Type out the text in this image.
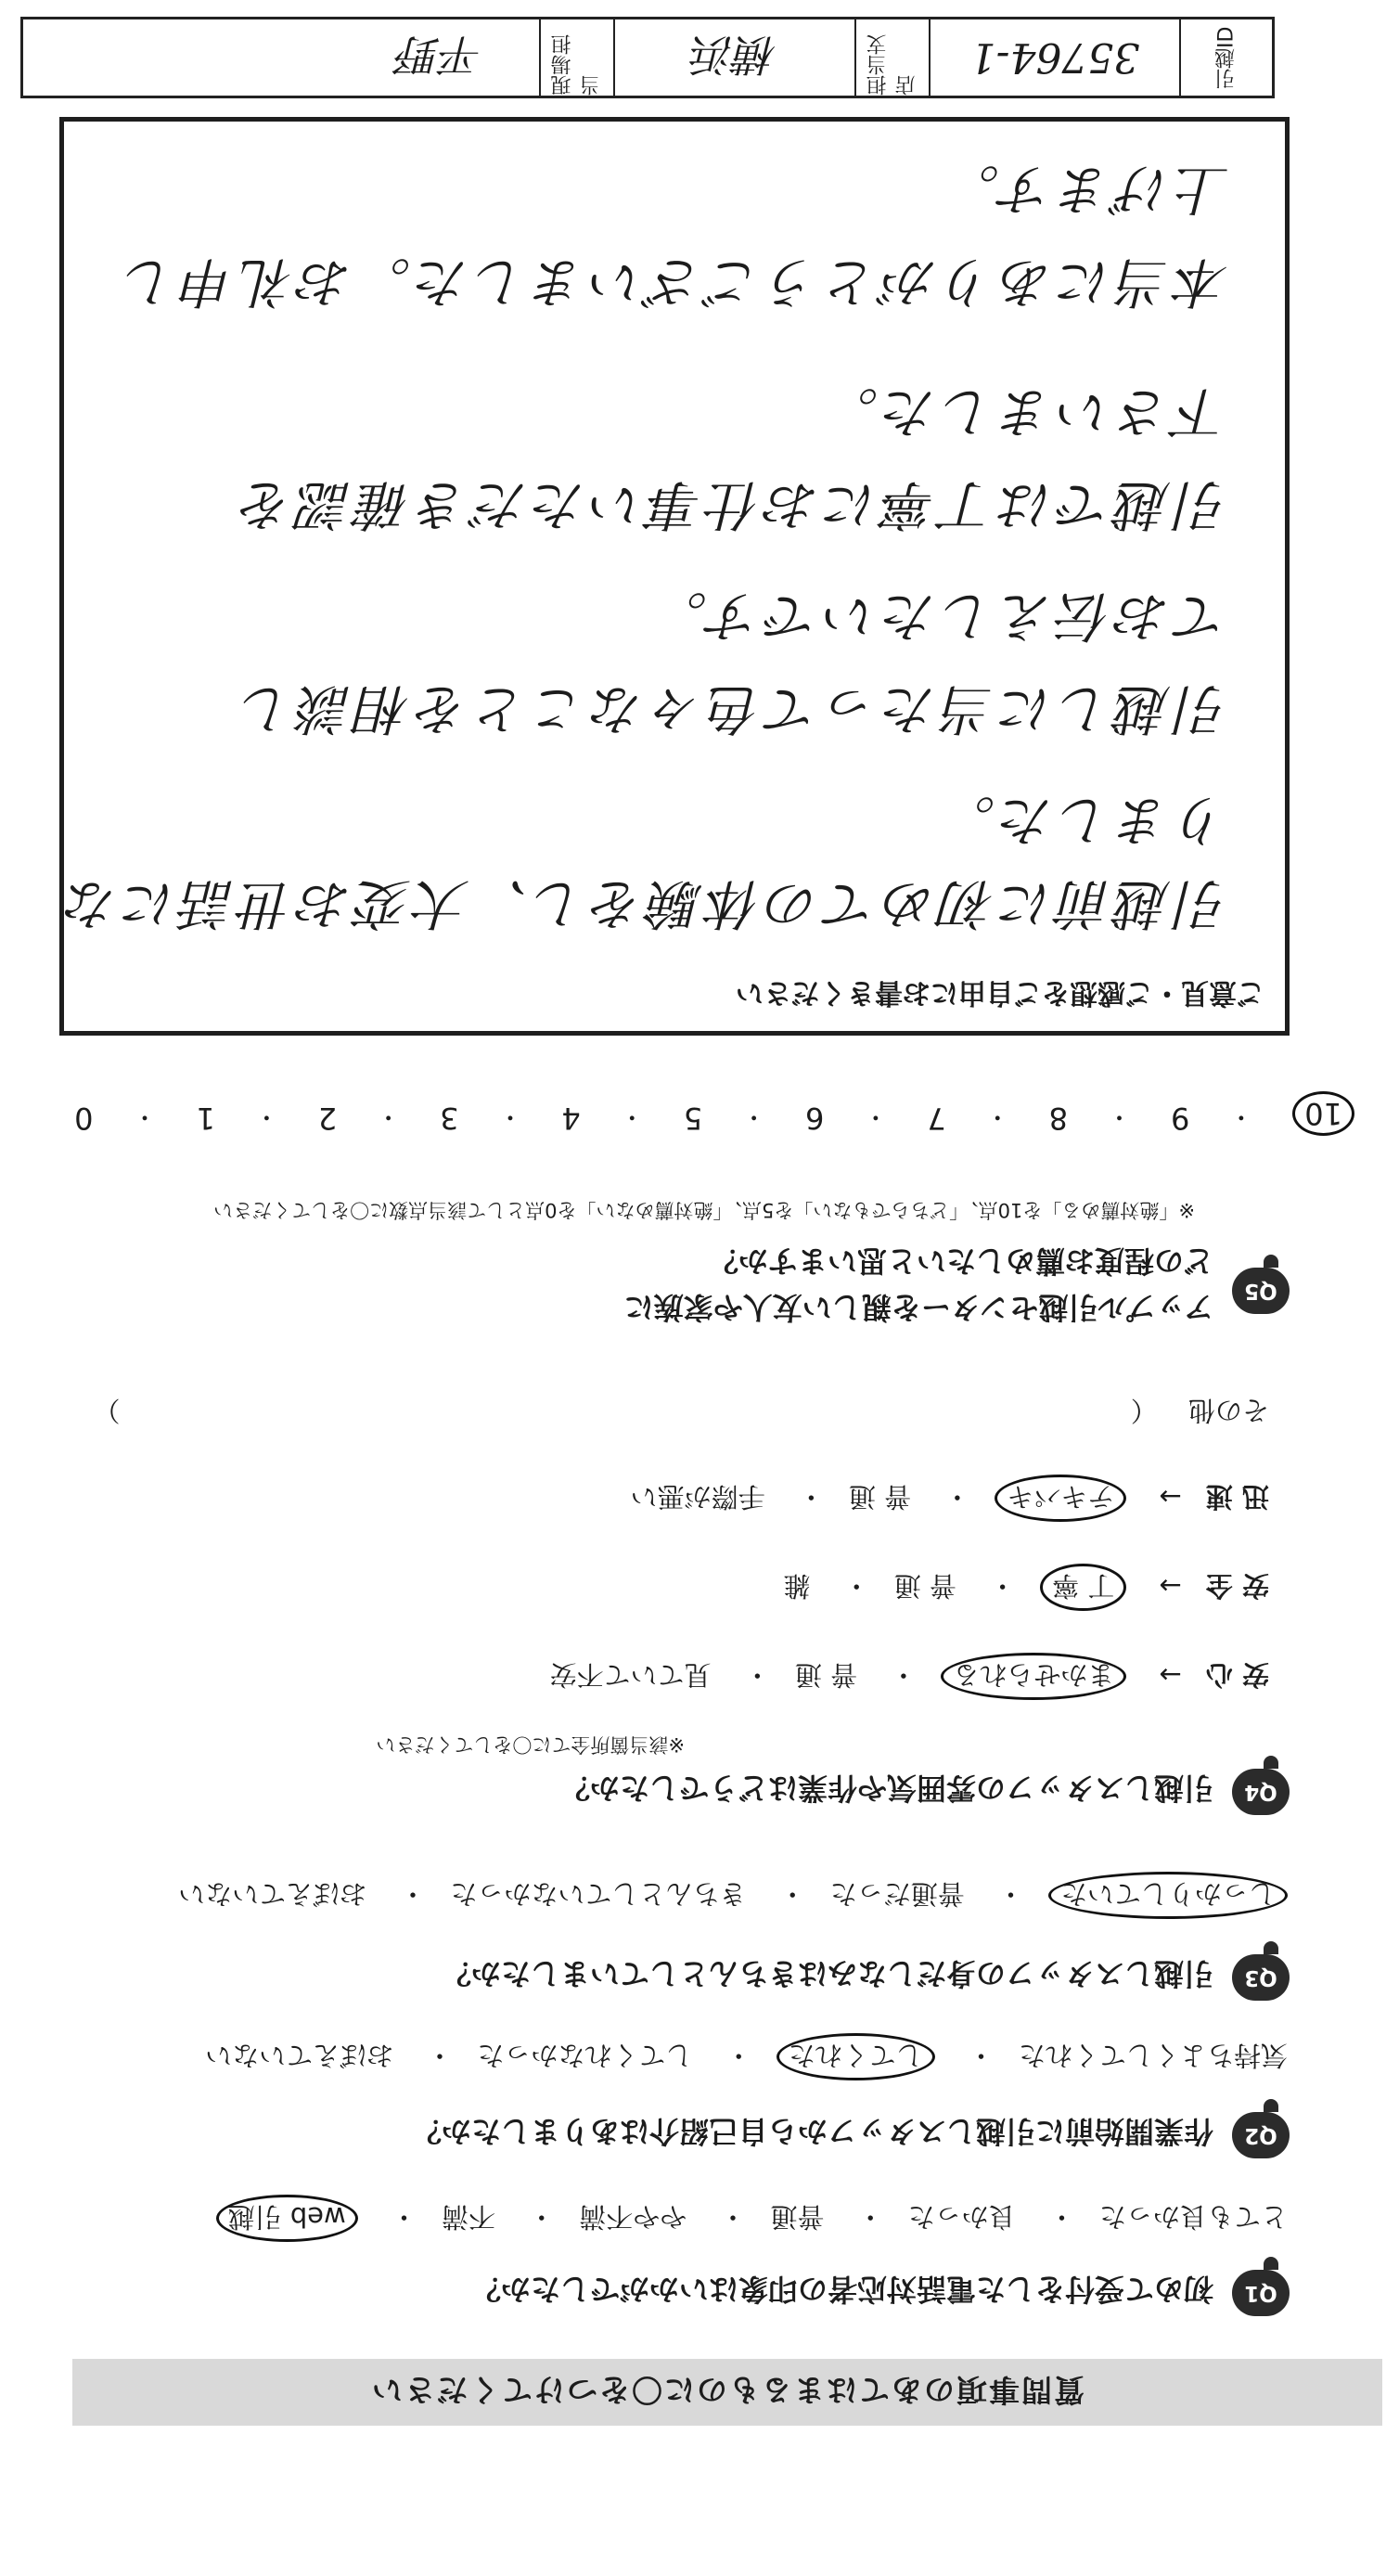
質問事項のあてはまるものに〇をつけてください
Q1
初めて受付をした電話対応者の印象はいかがでしたか？
とても良かった・ 良かった・ 普通・ やや不満・ 不満・ web 引越
Q2
作業開始前に引越しスタッフから自己紹介はありましたか？
気持ちよくしてくれた・ してくれた・ してくれなかった・ おぼえていない
Q3
引越しスタッフの身だしなみはきちんとしていましたか？
しっかりしていた・ 普通だった・ きちんとしていなかった・ おぼえていない
Q4
引越しスタッフの雰囲気や作業はどうでしたか？
※該当箇所全てに〇をしてください
安 心→ まかせられる・ 普 通・ 見ていて不安
安 全→ 丁 寧・ 普 通・ 雑
迅 速→ テキパキ・ 普 通・ 手際が悪い
その他 （ ）
Q5
アップル引越センターを親しい友人や家族に
どの程度お薦めしたいと思いますか？
※「絶対薦める」を10点、「どちらでもない」を5点、「絶対薦めない」を0点として該当点数に〇をしてください
10
・
9
・
8
・
7
・
6
・
5
・
4
・
3
・
2
・
1
・
0
ご意見・ご感想をご自由にお書きください
引越前に初めての体験をし、大変お世話にな
りました。
引越しに当たって色々なことを相談し
てお伝えしたいです。
引越では丁寧にお仕事いただき確認を
下さいました。
本当にありがとうございました。お礼申し
上げます。
引越ID
35764-1
担当支店
横浜
現場担当
平野
